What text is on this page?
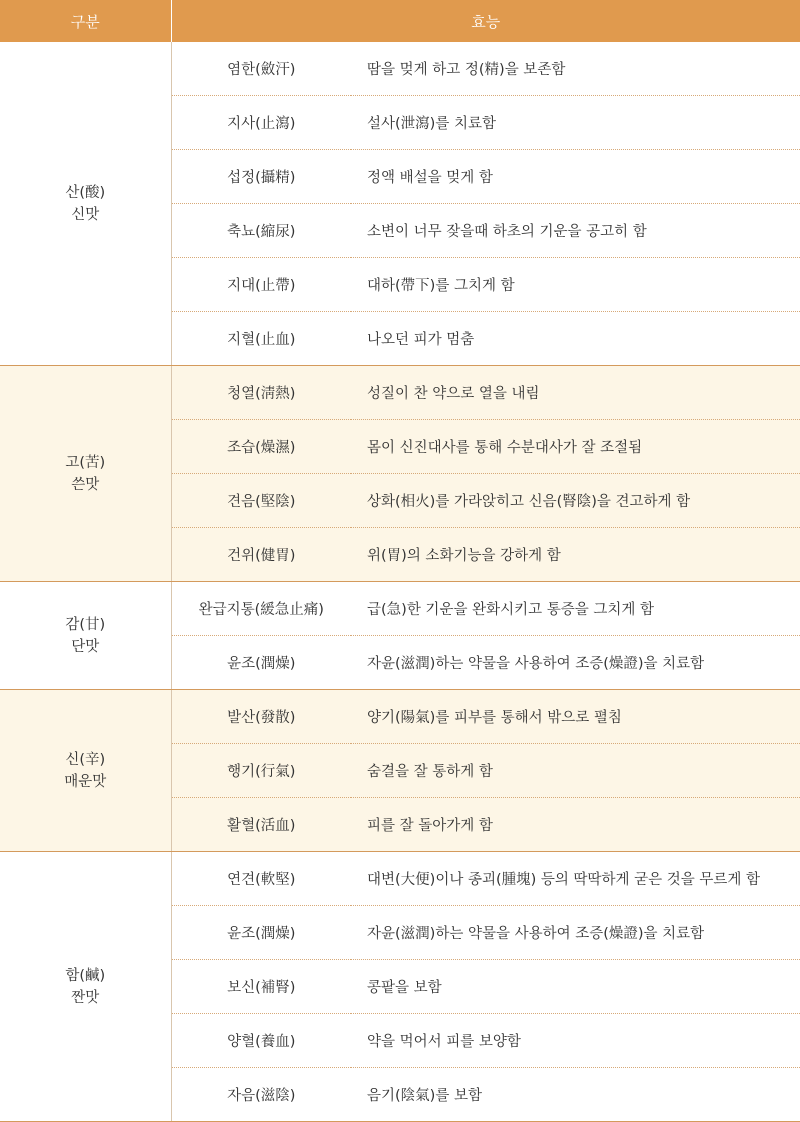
구분	효능	

산(酸)
신맛	염한(斂汗)	땀을 멎게 하고 정(精)을 보존함
	지사(止瀉)	설사(泄瀉)를 치료함
	섭정(攝精)	정액 배설을 멎게 함
	축뇨(縮尿)	소변이 너무 잦을때 하초의 기운을 공고히 함
	지대(止帶)	대하(帶下)를 그치게 함
	지혈(止血)	나오던 피가 멈춤

고(苦)
쓴맛	청열(淸熱)	성질이 찬 약으로 열을 내림
	조습(燥濕)	몸이 신진대사를 통해 수분대사가 잘 조절됨
	견음(堅陰)	상화(相火)를 가라앉히고 신음(腎陰)을 견고하게 함
	건위(健胃)	위(胃)의 소화기능을 강하게 함

감(甘)
단맛	완급지통(緩急止痛)	급(急)한 기운을 완화시키고 통증을 그치게 함
	윤조(潤燥)	자윤(滋潤)하는 약물을 사용하여 조증(燥證)을 치료함

신(辛)
매운맛	발산(發散)	양기(陽氣)를 피부를 통해서 밖으로 펼침
	행기(行氣)	숨결을 잘 통하게 함
	활혈(活血)	피를 잘 돌아가게 함

함(鹹)
짠맛	연견(軟堅)	대변(大便)이나 종괴(腫塊) 등의 딱딱하게 굳은 것을 무르게 함
	윤조(潤燥)	자윤(滋潤)하는 약물을 사용하여 조증(燥證)을 치료함
	보신(補腎)	콩팥을 보함
	양혈(養血)	약을 먹어서 피를 보양함
	자음(滋陰)	음기(陰氣)를 보함
